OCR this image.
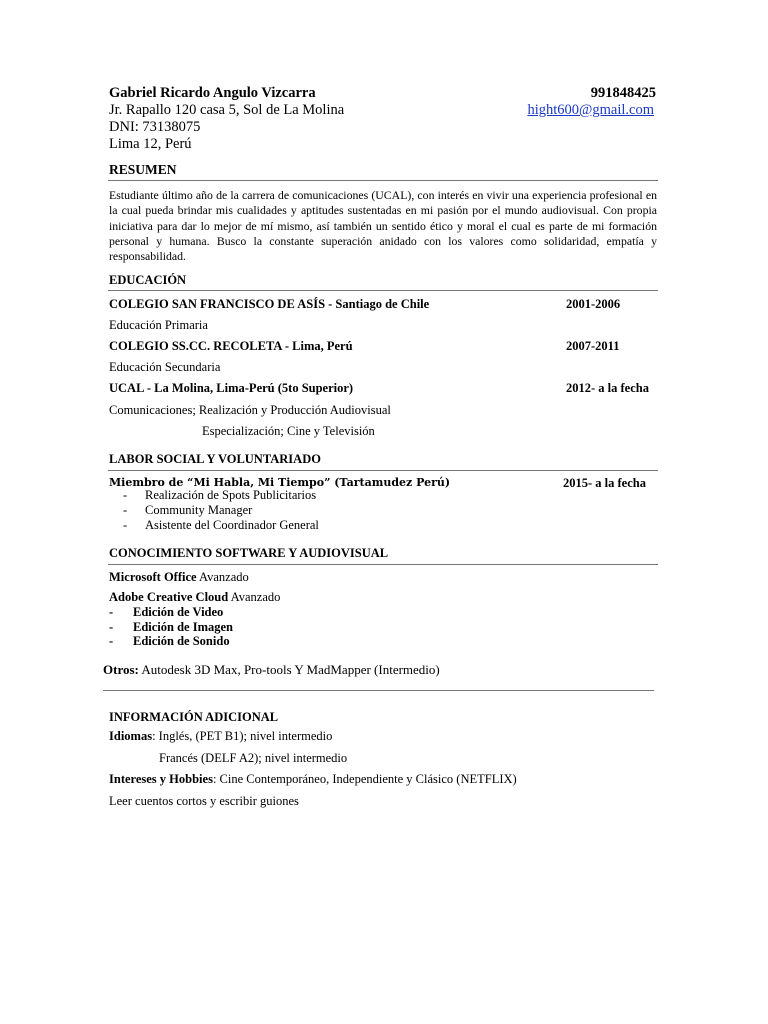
Gabriel Ricardo Angulo Vizcarra	991848425
Jr. Rapallo 120 casa 5, Sol de La Molina	hight600@gmail.com
DNI: 73138075
Lima 12, Perú
RESUMEN
Estudiante último año de la carrera de comunicaciones (UCAL), con interés en vivir una experiencia profesional en la cual pueda brindar mis cualidades y aptitudes sustentadas en mi pasión por el mundo audiovisual. Con propia iniciativa para dar lo mejor de mí mismo, así también un sentido ético y moral el cual es parte de mi formación personal y humana. Busco la constante superación anidado con los valores como solidaridad, empatía y responsabilidad.
EDUCACIÓN
COLEGIO SAN FRANCISCO DE ASÍS - Santiago de Chile	2001-2006
Educación Primaria
COLEGIO SS.CC. RECOLETA - Lima, Perú	2007-2011
Educación Secundaria
UCAL - La Molina, Lima-Perú (5to Superior)	2012- a la fecha
Comunicaciones; Realización y Producción Audiovisual
Especialización; Cine y Televisión
LABOR SOCIAL Y VOLUNTARIADO
Miembro de “Mi Habla, Mi Tiempo” (Tartamudez Perú)	2015- a la fecha
- Realización de Spots Publicitarios
- Community Manager
- Asistente del Coordinador General
CONOCIMIENTO SOFTWARE Y AUDIOVISUAL
Microsoft Office Avanzado
Adobe Creative Cloud Avanzado
- Edición de Video
- Edición de Imagen
- Edición de Sonido
Otros: Autodesk 3D Max, Pro-tools Y MadMapper (Intermedio)
INFORMACIÓN ADICIONAL
Idiomas: Inglés, (PET B1); nivel intermedio
Francés (DELF A2); nivel intermedio
Intereses y Hobbies: Cine Contemporáneo, Independiente y Clásico (NETFLIX)
Leer cuentos cortos y escribir guiones
